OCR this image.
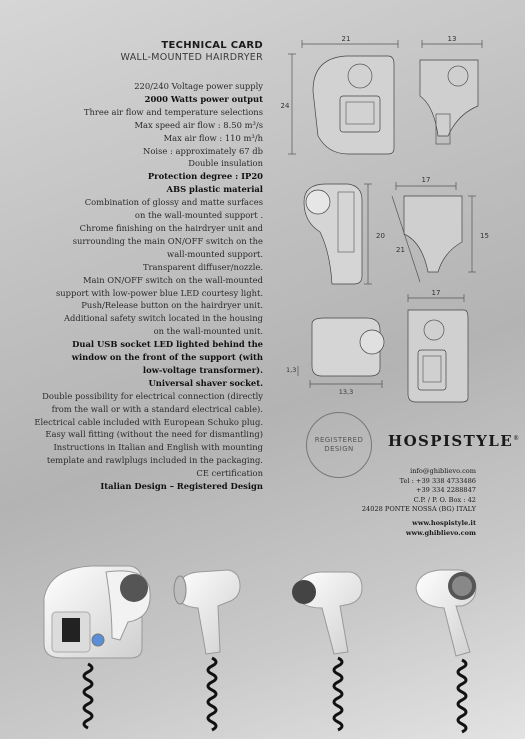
TECHNICAL CARD
WALL-MOUNTED HAIRDRYER
220/240 Voltage power supply
2000 Watts power output
Three air flow and temperature selections
Max speed air flow : 8.50 m³/s
Max air flow : 110 m³/h
Noise : approximately 67 db
Double insulation
Protection degree : IP20
ABS plastic material
Combination of glossy and matte surfaces
on the wall-mounted support .
Chrome finishing on the hairdryer unit and
surrounding the main ON/OFF switch on the
wall-mounted support.
Transparent diffuser/nozzle.
Main ON/OFF switch on the wall-mounted
support with low-power blue LED courtesy light.
Push/Release button on the hairdryer unit.
Additional safety switch located in the housing
on the wall-mounted unit.
Dual USB socket LED lighted behind the
window on the front of the support (with
low-voltage transformer).
Universal shaver socket.
Double possibility for electrical connection (directly
from the wall or with a standard electrical cable).
Electrical cable included with European Schuko plug.
Easy wall fitting (without the need for dismantling)
Instructions in Italian and English with mounting
template and rawlplugs included in the packaging.
CE certification
Italian Design – Registered Design
21	13
24
17
20
21
15
17
1,3
13,3
REGISTERED
DESIGN HOSPISTYLE®
info@ghiblievo.com
Tel : +39 338 4733486
+39 334 2288847
C.P. / P. O. Box : 42
24028 PONTE NOSSA (BG) ITALY
www.hospistyle.it
www.ghiblievo.com
